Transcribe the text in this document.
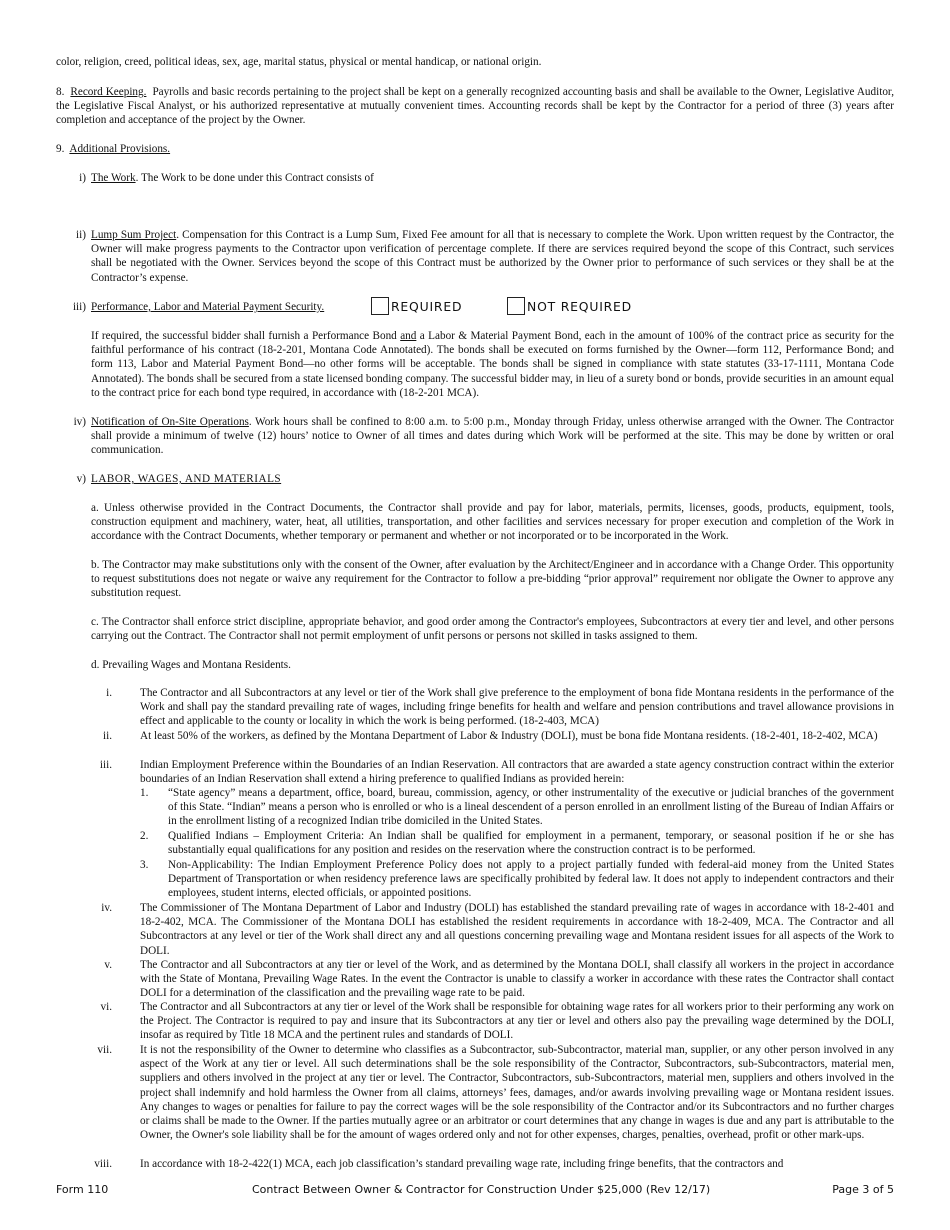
color, religion, creed, political ideas, sex, age, marital status, physical or mental handicap, or national origin.

8. Record Keeping. Payrolls and basic records pertaining to the project shall be kept on a generally recognized accounting basis and shall be available to the Owner, Legislative Auditor, the Legislative Fiscal Analyst, or his authorized representative at mutually convenient times. Accounting records shall be kept by the Contractor for a period of three (3) years after completion and acceptance of the project by the Owner.

9. Additional Provisions.

i) The Work. The Work to be done under this Contract consists of

ii) Lump Sum Project. Compensation for this Contract is a Lump Sum, Fixed Fee amount for all that is necessary to complete the Work. Upon written request by the Contractor, the Owner will make progress payments to the Contractor upon verification of percentage complete. If there are services required beyond the scope of this Contract, such services shall be negotiated with the Owner. Services beyond the scope of this Contract must be authorized by the Owner prior to performance of such services or they shall be at the Contractor’s expense.

iii) Performance, Labor and Material Payment Security.	REQUIRED	NOT REQUIRED

If required, the successful bidder shall furnish a Performance Bond and a Labor & Material Payment Bond, each in the amount of 100% of the contract price as security for the faithful performance of his contract (18-2-201, Montana Code Annotated). The bonds shall be executed on forms furnished by the Owner—form 112, Performance Bond; and form 113, Labor and Material Payment Bond—no other forms will be acceptable. The bonds shall be signed in compliance with state statutes (33-17-1111, Montana Code Annotated). The bonds shall be secured from a state licensed bonding company. The successful bidder may, in lieu of a surety bond or bonds, provide securities in an amount equal to the contract price for each bond type required, in accordance with (18-2-201 MCA).

iv) Notification of On-Site Operations. Work hours shall be confined to 8:00 a.m. to 5:00 p.m., Monday through Friday, unless otherwise arranged with the Owner. The Contractor shall provide a minimum of twelve (12) hours’ notice to Owner of all times and dates during which Work will be performed at the site. This may be done by written or oral communication.

v) LABOR, WAGES, AND MATERIALS

a. Unless otherwise provided in the Contract Documents, the Contractor shall provide and pay for labor, materials, permits, licenses, goods, products, equipment, tools, construction equipment and machinery, water, heat, all utilities, transportation, and other facilities and services necessary for proper execution and completion of the Work in accordance with the Contract Documents, whether temporary or permanent and whether or not incorporated or to be incorporated in the Work.

b. The Contractor may make substitutions only with the consent of the Owner, after evaluation by the Architect/Engineer and in accordance with a Change Order. This opportunity to request substitutions does not negate or waive any requirement for the Contractor to follow a pre-bidding “prior approval” requirement nor obligate the Owner to approve any substitution request.

c. The Contractor shall enforce strict discipline, appropriate behavior, and good order among the Contractor's employees, Subcontractors at every tier and level, and other persons carrying out the Contract. The Contractor shall not permit employment of unfit persons or persons not skilled in tasks assigned to them.

d. Prevailing Wages and Montana Residents.

i.	The Contractor and all Subcontractors at any level or tier of the Work shall give preference to the employment of bona fide Montana residents in the performance of the Work and shall pay the standard prevailing rate of wages, including fringe benefits for health and welfare and pension contributions and travel allowance provisions in effect and applicable to the county or locality in which the work is being performed. (18-2-403, MCA)

ii.	At least 50% of the workers, as defined by the Montana Department of Labor & Industry (DOLI), must be bona fide Montana residents. (18-2-401, 18-2-402, MCA)

iii.	Indian Employment Preference within the Boundaries of an Indian Reservation. All contractors that are awarded a state agency construction contract within the exterior boundaries of an Indian Reservation shall extend a hiring preference to qualified Indians as provided herein:

1.	“State agency” means a department, office, board, bureau, commission, agency, or other instrumentality of the executive or judicial branches of the government of this State. “Indian” means a person who is enrolled or who is a lineal descendent of a person enrolled in an enrollment listing of the Bureau of Indian Affairs or in the enrollment listing of a recognized Indian tribe domiciled in the United States.

2.	Qualified Indians – Employment Criteria: An Indian shall be qualified for employment in a permanent, temporary, or seasonal position if he or she has substantially equal qualifications for any position and resides on the reservation where the construction contract is to be performed.

3.	Non-Applicability: The Indian Employment Preference Policy does not apply to a project partially funded with federal-aid money from the United States Department of Transportation or when residency preference laws are specifically prohibited by federal law. It does not apply to independent contractors and their employees, student interns, elected officials, or appointed positions.

iv.	The Commissioner of The Montana Department of Labor and Industry (DOLI) has established the standard prevailing rate of wages in accordance with 18-2-401 and 18-2-402, MCA. The Commissioner of the Montana DOLI has established the resident requirements in accordance with 18-2-409, MCA. The Contractor and all Subcontractors at any level or tier of the Work shall direct any and all questions concerning prevailing wage and Montana resident issues for all aspects of the Work to DOLI.

v.	The Contractor and all Subcontractors at any tier or level of the Work, and as determined by the Montana DOLI, shall classify all workers in the project in accordance with the State of Montana, Prevailing Wage Rates. In the event the Contractor is unable to classify a worker in accordance with these rates the Contractor shall contact DOLI for a determination of the classification and the prevailing wage rate to be paid.

vi.	The Contractor and all Subcontractors at any tier or level of the Work shall be responsible for obtaining wage rates for all workers prior to their performing any work on the Project. The Contractor is required to pay and insure that its Subcontractors at any tier or level and others also pay the prevailing wage determined by the DOLI, insofar as required by Title 18 MCA and the pertinent rules and standards of DOLI.

vii.	It is not the responsibility of the Owner to determine who classifies as a Subcontractor, sub-Subcontractor, material man, supplier, or any other person involved in any aspect of the Work at any tier or level. All such determinations shall be the sole responsibility of the Contractor, Subcontractors, sub-Subcontractors, material men, suppliers and others involved in the project at any tier or level. The Contractor, Subcontractors, sub-Subcontractors, material men, suppliers and others involved in the project shall indemnify and hold harmless the Owner from all claims, attorneys’ fees, damages, and/or awards involving prevailing wage or Montana resident issues. Any changes to wages or penalties for failure to pay the correct wages will be the sole responsibility of the Contractor and/or its Subcontractors and no further charges or claims shall be made to the Owner. If the parties mutually agree or an arbitrator or court determines that any change in wages is due and any part is attributable to the Owner, the Owner's sole liability shall be for the amount of wages ordered only and not for other expenses, charges, penalties, overhead, profit or other mark-ups.

viii.	In accordance with 18-2-422(1) MCA, each job classification’s standard prevailing wage rate, including fringe benefits, that the contractors and

Form 110	Contract Between Owner & Contractor for Construction Under $25,000 (Rev 12/17)	Page 3 of 5
